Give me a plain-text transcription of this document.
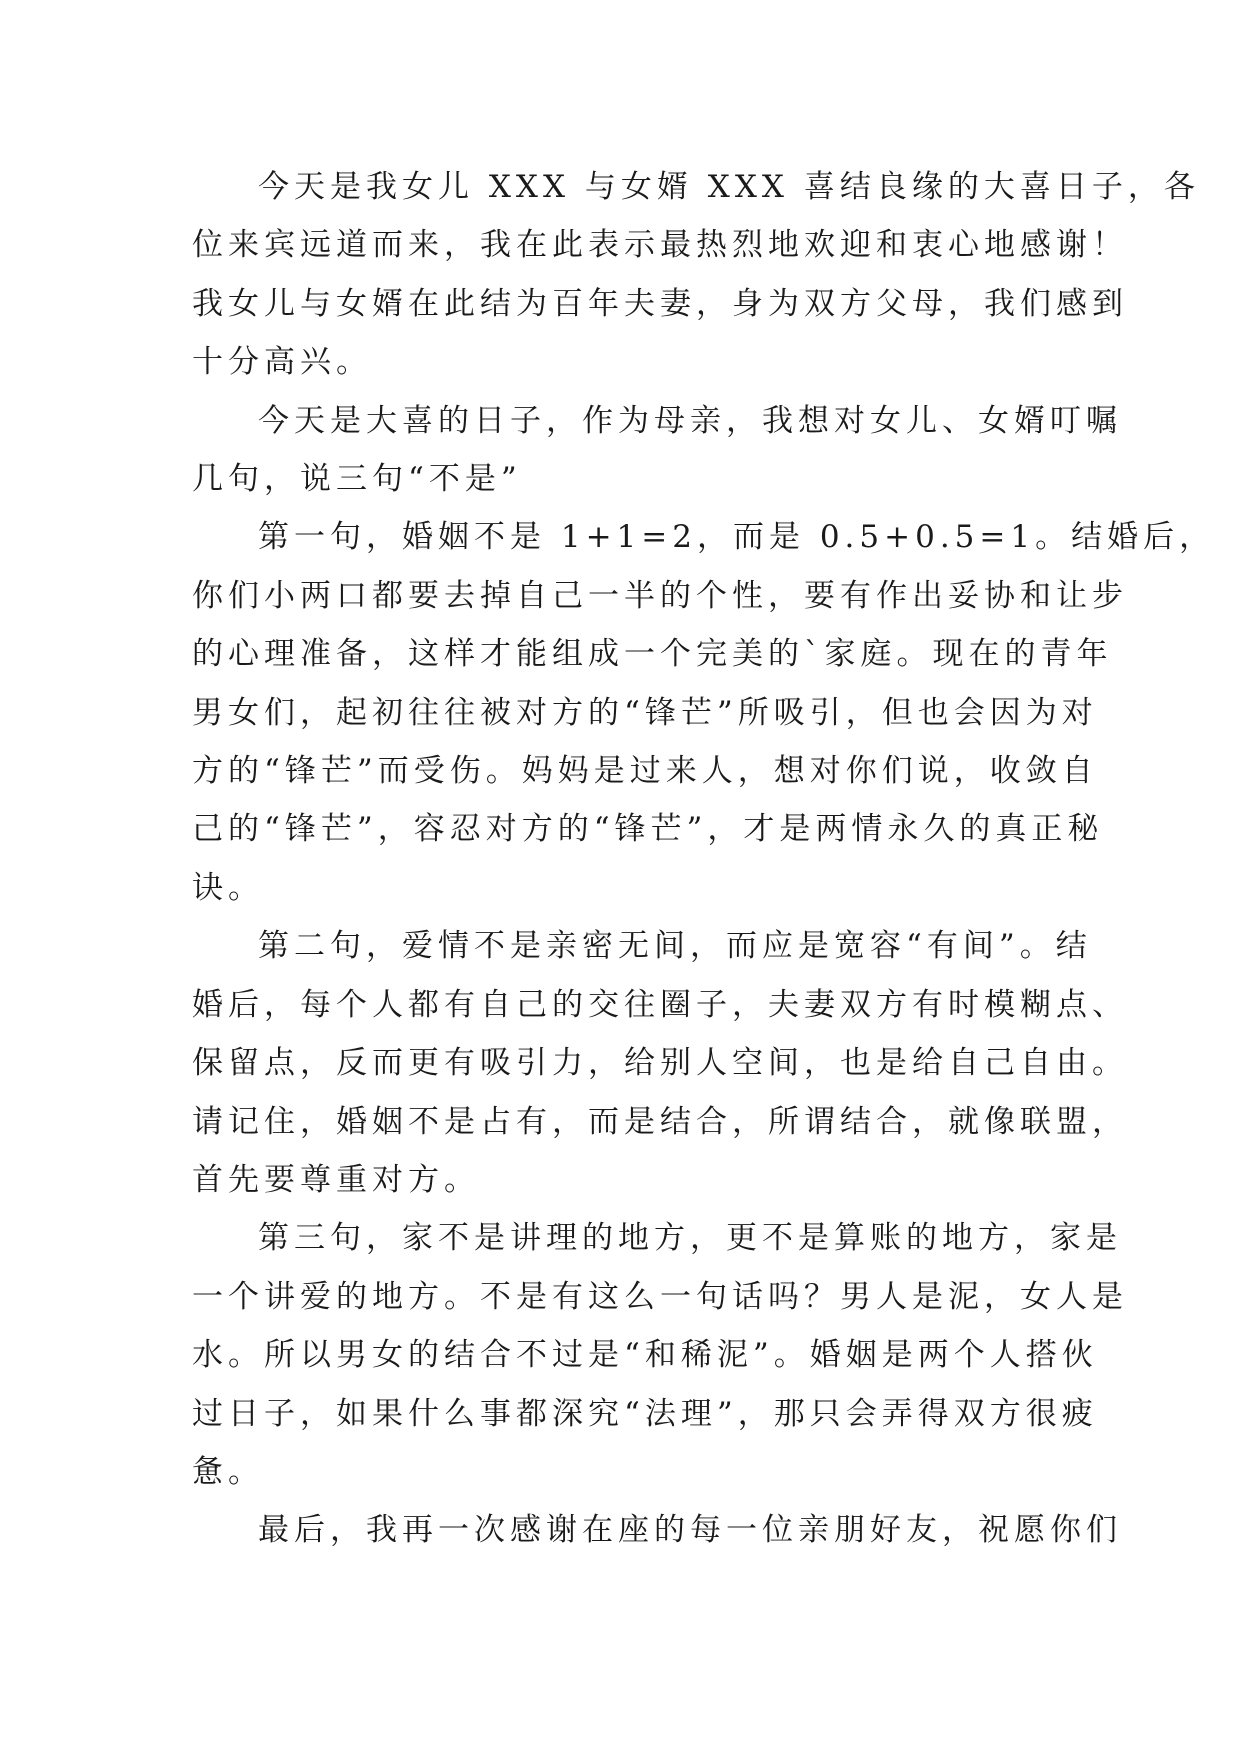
今天是我女儿 XXX 与女婿 XXX 喜结良缘的大喜日子，各
位来宾远道而来，我在此表示最热烈地欢迎和衷心地感谢！
我女儿与女婿在此结为百年夫妻，身为双方父母，我们感到
十分高兴。

今天是大喜的日子，作为母亲，我想对女儿、女婿叮嘱
几句，说三句“不是”

第一句，婚姻不是 1+1=2，而是 0.5+0.5=1。结婚后，
你们小两口都要去掉自己一半的个性，要有作出妥协和让步
的心理准备，这样才能组成一个完美的`家庭。现在的青年
男女们，起初往往被对方的“锋芒”所吸引，但也会因为对
方的“锋芒”而受伤。妈妈是过来人，想对你们说，收敛自
己的“锋芒”，容忍对方的“锋芒”，才是两情永久的真正秘
诀。

第二句，爱情不是亲密无间，而应是宽容“有间”。结
婚后，每个人都有自己的交往圈子，夫妻双方有时模糊点、
保留点，反而更有吸引力，给别人空间，也是给自己自由。
请记住，婚姻不是占有，而是结合，所谓结合，就像联盟，
首先要尊重对方。

第三句，家不是讲理的地方，更不是算账的地方，家是
一个讲爱的地方。不是有这么一句话吗？男人是泥，女人是
水。所以男女的结合不过是“和稀泥”。婚姻是两个人搭伙
过日子，如果什么事都深究“法理”，那只会弄得双方很疲
惫。

最后，我再一次感谢在座的每一位亲朋好友，祝愿你们
